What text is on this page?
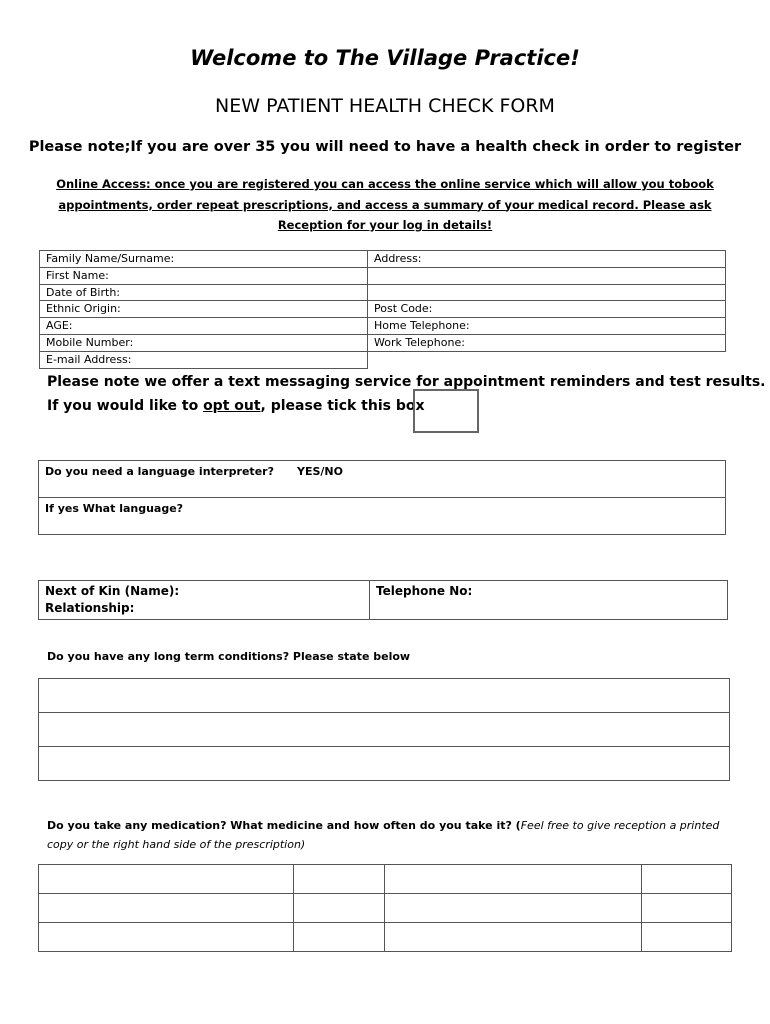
Welcome to The Village Practice!
NEW PATIENT HEALTH CHECK FORM
Please note;If you are over 35 you will need to have a health check in order to register
Online Access: once you are registered you can access the online service which will allow you tobook appointments, order repeat prescriptions, and access a summary of your medical record. Please ask Reception for your log in details!
Family Name/Surname:	Address:
First Name:	
Date of Birth:	
Ethnic Origin:	Post Code:
AGE:	Home Telephone:
Mobile Number:	Work Telephone:
E-mail Address:	
Please note we offer a text messaging service for appointment reminders and test results.
If you would like to opt out, please tick this box
Do you need a language interpreter? YES/NO
If yes What language?
Next of Kin (Name):
Relationship:
	Telephone No:
Do you have any long term conditions? Please state below

Do you take any medication? What medicine and how often do you take it? (Feel free to give reception a printed copy or the right hand side of the prescription)
